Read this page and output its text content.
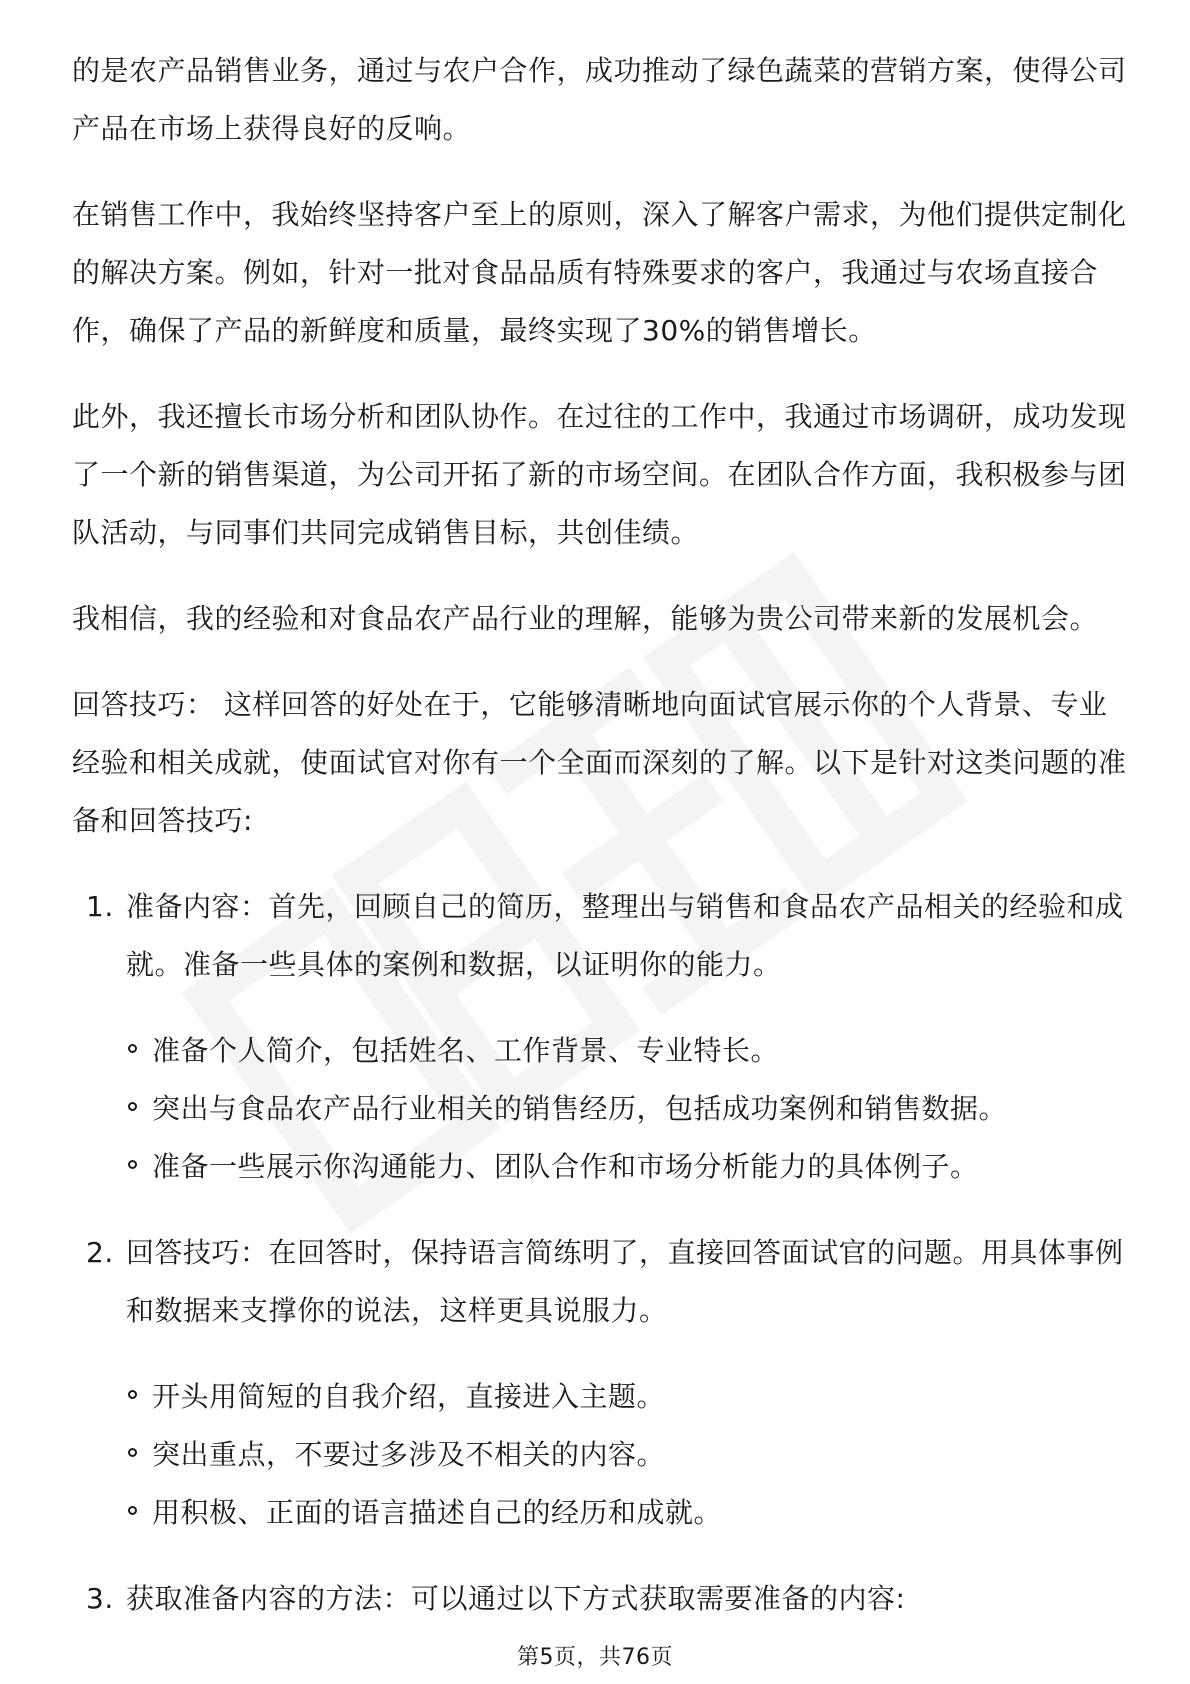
的是农产品销售业务，通过与农户合作，成功推动了绿色蔬菜的营销方案，使得公司产品在市场上获得良好的反响。

在销售工作中，我始终坚持客户至上的原则，深入了解客户需求，为他们提供定制化的解决方案。例如，针对一批对食品品质有特殊要求的客户，我通过与农场直接合作，确保了产品的新鲜度和质量，最终实现了30%的销售增长。

此外，我还擅长市场分析和团队协作。在过往的工作中，我通过市场调研，成功发现了一个新的销售渠道，为公司开拓了新的市场空间。在团队合作方面，我积极参与团队活动，与同事们共同完成销售目标，共创佳绩。

我相信，我的经验和对食品农产品行业的理解，能够为贵公司带来新的发展机会。

回答技巧： 这样回答的好处在于，它能够清晰地向面试官展示你的个人背景、专业经验和相关成就，使面试官对你有一个全面而深刻的了解。以下是针对这类问题的准备和回答技巧:

1. 准备内容：首先，回顾自己的简历，整理出与销售和食品农产品相关的经验和成就。准备一些具体的案例和数据，以证明你的能力。
准备个人简介，包括姓名、工作背景、专业特长。
突出与食品农产品行业相关的销售经历，包括成功案例和销售数据。
准备一些展示你沟通能力、团队合作和市场分析能力的具体例子。
2. 回答技巧：在回答时，保持语言简练明了，直接回答面试官的问题。用具体事例和数据来支撑你的说法，这样更具说服力。
开头用简短的自我介绍，直接进入主题。
突出重点，不要过多涉及不相关的内容。
用积极、正面的语言描述自己的经历和成就。
3. 获取准备内容的方法：可以通过以下方式获取需要准备的内容:
第5页，共76页
